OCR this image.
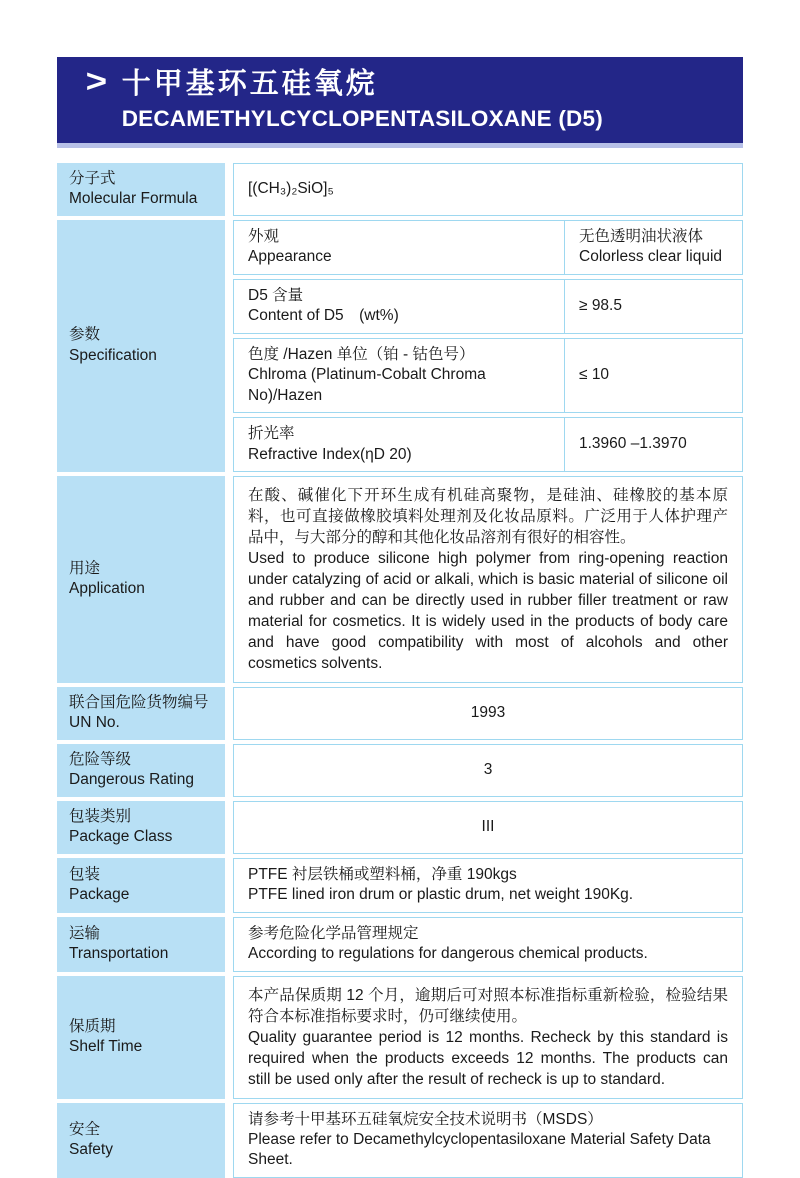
> 十甲基环五硅氧烷
DECAMETHYLCYCLOPENTASILOXANE (D5)
分子式
Molecular Formula
[(CH₃)₂SiO]₅
参数
Specification
外观
Appearance
无色透明油状液体
Colorless clear liquid
D5 含量
Content of D5　(wt%)
≥ 98.5
色度 /Hazen 单位（铂 - 钴色号）
Chlroma (Platinum-Cobalt Chroma No)/Hazen
≤ 10
折光率
Refractive Index(ηD 20)
1.3960 –1.3970
用途
Application
在酸、碱催化下开环生成有机硅高聚物，是硅油、硅橡胶的基本原料，也可直接做橡胶填料处理剂及化妆品原料。广泛用于人体护理产品中，与大部分的醇和其他化妆品溶剂有很好的相容性。
Used to produce silicone high polymer from ring-opening reaction under catalyzing of acid or alkali, which is basic material of silicone oil and rubber and can be directly used in rubber filler treatment or raw material for cosmetics. It is widely used in the products of body care and have good compatibility with most of alcohols and other cosmetics solvents.
联合国危险货物编号
UN No.
1993
危险等级
Dangerous Rating
3
包装类别
Package Class
III
包装
Package
PTFE 衬层铁桶或塑料桶，净重 190kgs
PTFE lined iron drum or plastic drum, net weight 190Kg.
运输
Transportation
参考危险化学品管理规定
According to regulations for dangerous chemical products.
保质期
Shelf Time
本产品保质期 12 个月，逾期后可对照本标准指标重新检验，检验结果符合本标准指标要求时，仍可继续使用。
Quality guarantee period is 12 months. Recheck by this standard is required when the products exceeds 12 months. The products can still be used only after the result of recheck is up to standard.
安全
Safety
请参考十甲基环五硅氧烷安全技术说明书（MSDS）
Please refer to Decamethylcyclopentasiloxane Material Safety Data Sheet.
